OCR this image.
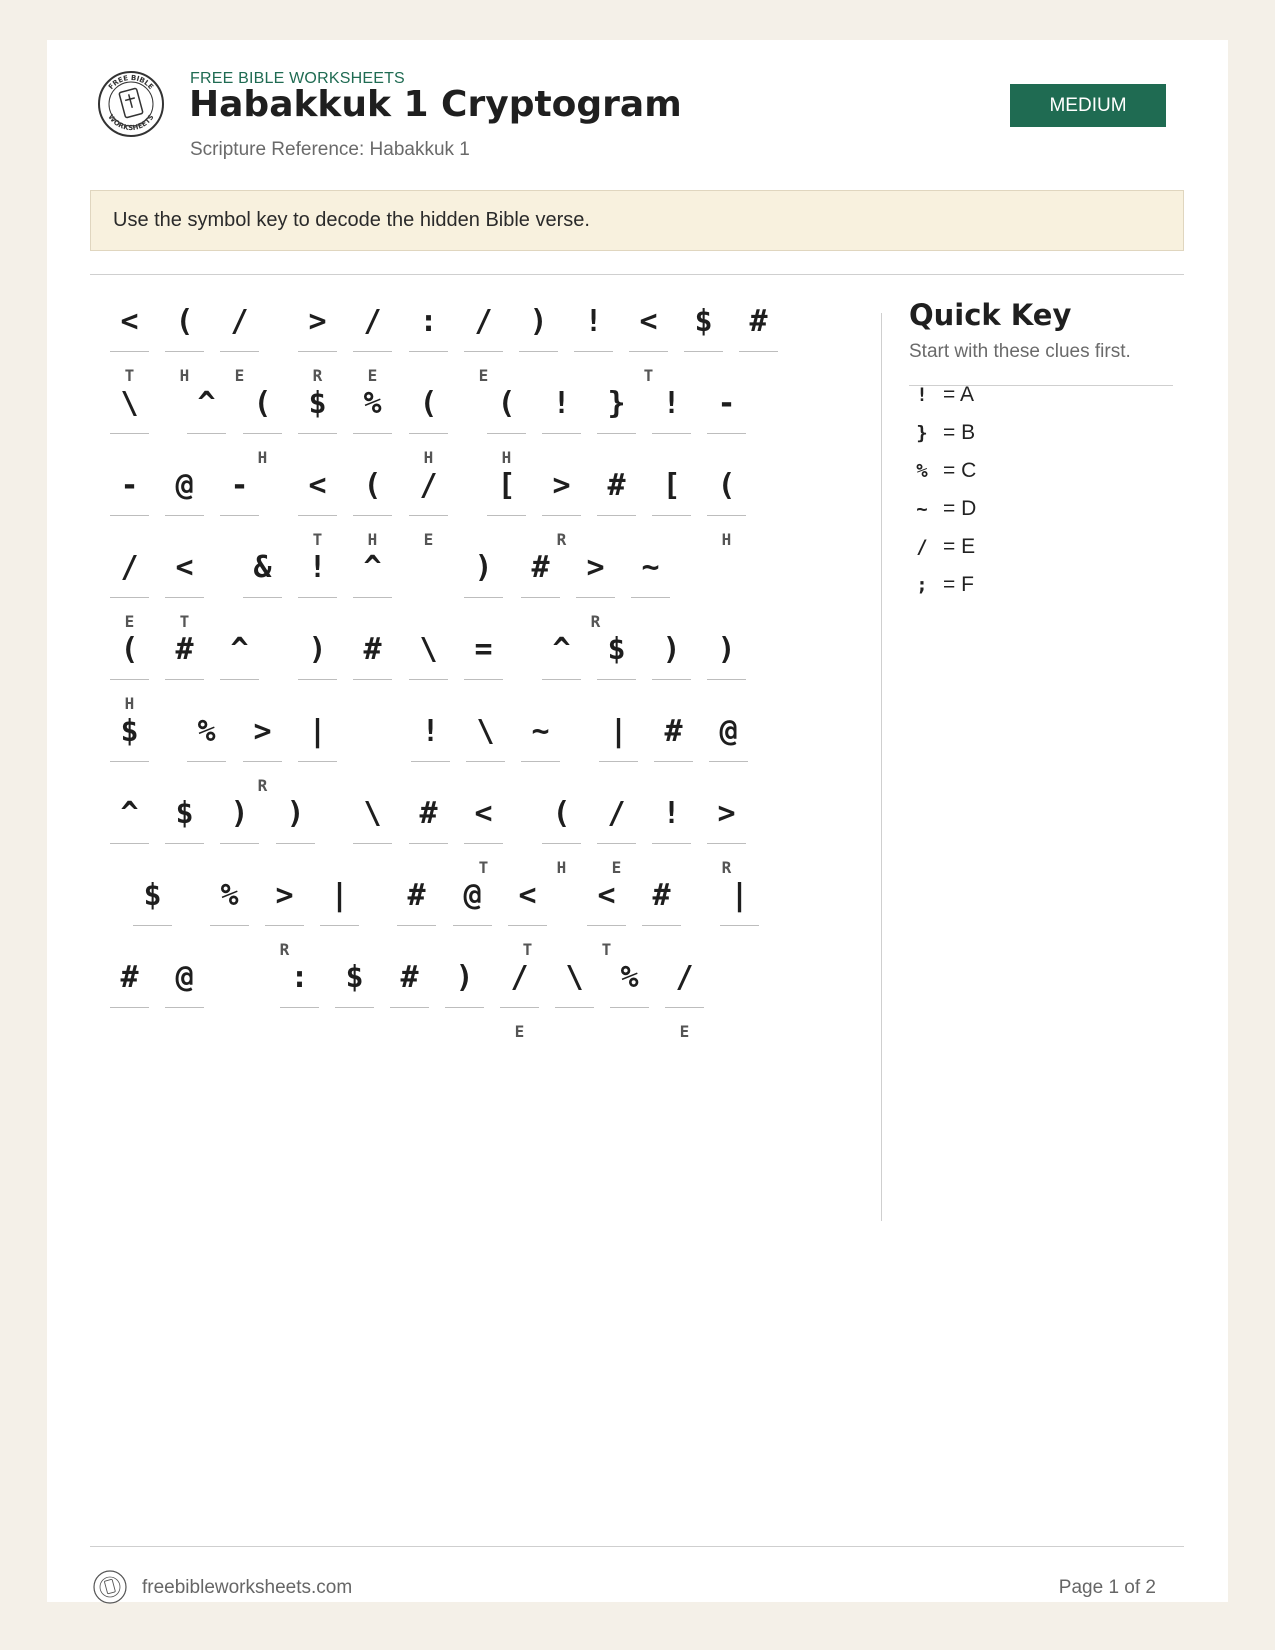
FREE BIBLE
WORKSHEETS
FREE BIBLE WORKSHEETS
Habakkuk 1 Cryptogram
Scripture Reference: Habakkuk 1
MEDIUM
Use the symbol key to decode the hidden Bible verse.
<
T
(
H
/
E
>
R
/
E
:	/
E
)	!	<
T
$	#
\	^	(
H
$	%	(
H
(
H
!	}	!	-
-	@	-	<
T
(
H
/
E
[	>
R
#	[	(
H
/
E
<
T
&	!	^	)	#	>
R
~
(
H
#	^	)	#	\	=	^	$	)	)
$	%	>
R
|	!	\	~	|	#	@
^	$	)	)	\	#	<
T
(
H
/
E
!	>
R
$	%	>
R
|	#	@	<
T
<
T
#	|
#	@	:	$	#	)	/
E
\	%	/
E
Quick Key
Start with these clues first.
! = A
} = B
% = C
~ = D
/ = E
; = F
freebibleworksheets.com	Page 1 of 2
